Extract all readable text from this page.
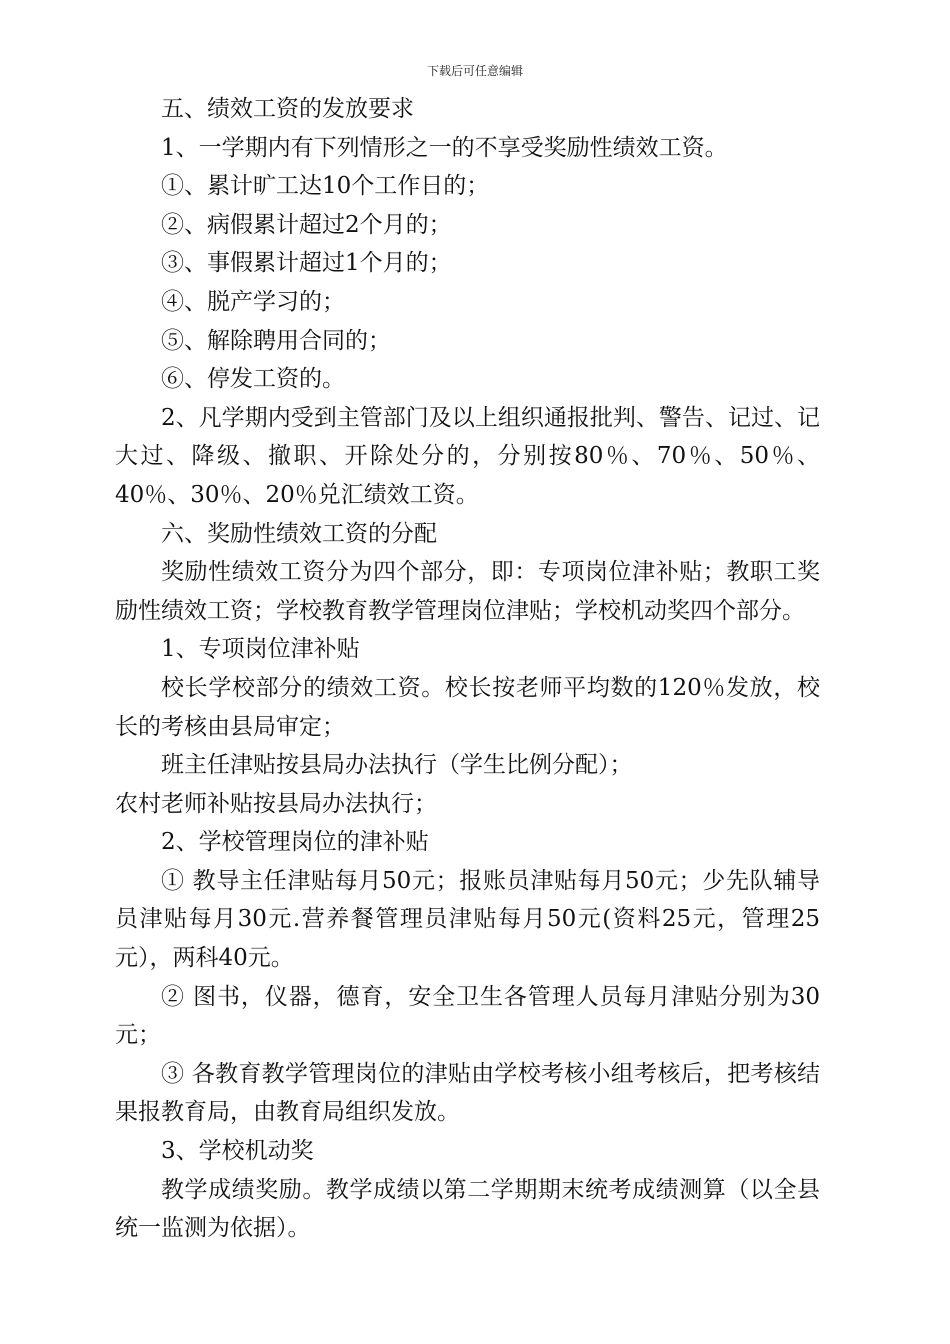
下载后可任意编辑

五、绩效工资的发放要求

1、一学期内有下列情形之一的不享受奖励性绩效工资。

①、累计旷工达10个工作日的；

②、病假累计超过2个月的；

③、事假累计超过1个月的；

④、脱产学习的；

⑤、解除聘用合同的；

⑥、停发工资的。

2、凡学期内受到主管部门及以上组织通报批判、警告、记过、记大过、降级、撤职、开除处分的，分别按80％、70％、50％、40％、30％、20％兑汇绩效工资。

六、奖励性绩效工资的分配

奖励性绩效工资分为四个部分，即：专项岗位津补贴；教职工奖励性绩效工资；学校教育教学管理岗位津贴；学校机动奖四个部分。

1、专项岗位津补贴

校长学校部分的绩效工资。校长按老师平均数的120％发放，校长的考核由县局审定；

班主任津贴按县局办法执行（学生比例分配）；

农村老师补贴按县局办法执行；

2、学校管理岗位的津补贴

① 教导主任津贴每月50元；报账员津贴每月50元；少先队辅导员津贴每月30元.营养餐管理员津贴每月50元(资料25元，管理25元），两科40元。

② 图书，仪器，德育，安全卫生各管理人员每月津贴分别为30元；

③ 各教育教学管理岗位的津贴由学校考核小组考核后，把考核结果报教育局，由教育局组织发放。

3、学校机动奖

教学成绩奖励。教学成绩以第二学期期末统考成绩测算（以全县统一监测为依据）。
